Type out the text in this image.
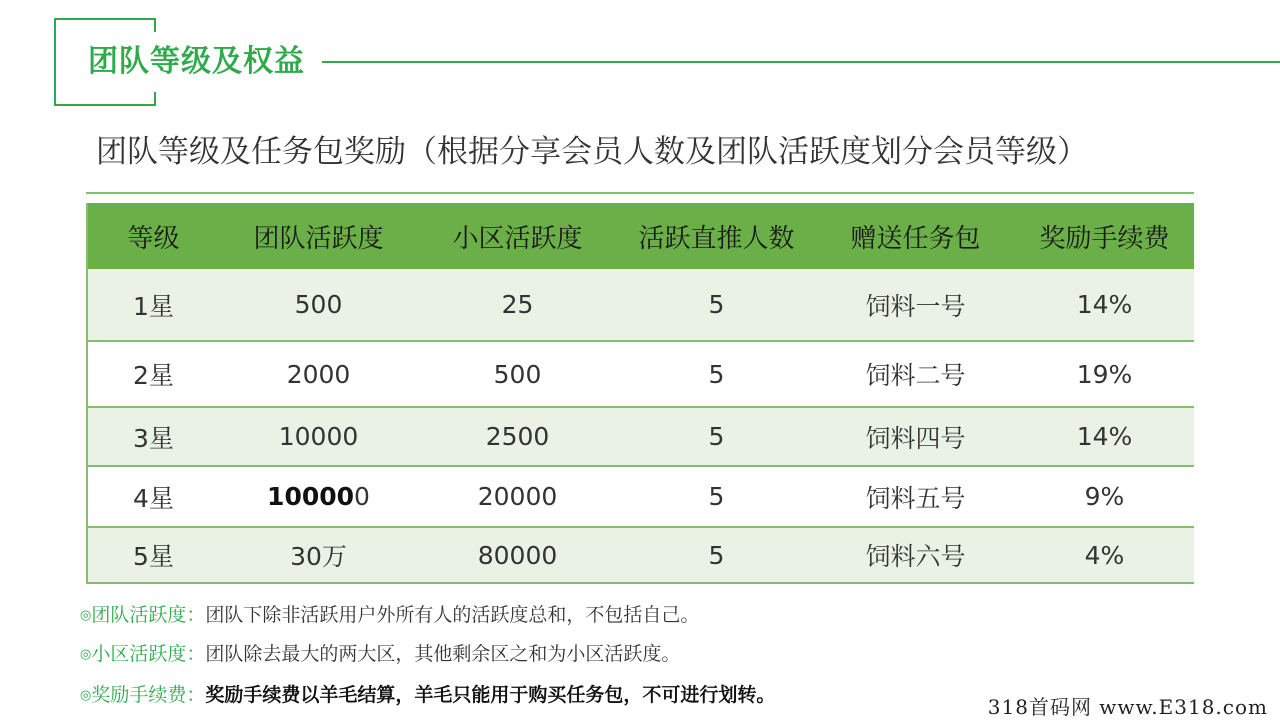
团队等级及权益
团队等级及任务包奖励（根据分享会员人数及团队活跃度划分会员等级）
等级	团队活跃度	小区活跃度	活跃直推人数	赠送任务包	奖励手续费
1星	500	25	5	饲料一号	14%
2星	2000	500	5	饲料二号	19%
3星	10000	2500	5	饲料四号	14%
4星	100000	20000	5	饲料五号	9%
5星	30万	80000	5	饲料六号	4%
◎团队活跃度：团队下除非活跃用户外所有人的活跃度总和，不包括自己。
◎小区活跃度：团队除去最大的两大区，其他剩余区之和为小区活跃度。
◎奖励手续费：奖励手续费以羊毛结算，羊毛只能用于购买任务包，不可进行划转。	318首码网 www.E318.com
